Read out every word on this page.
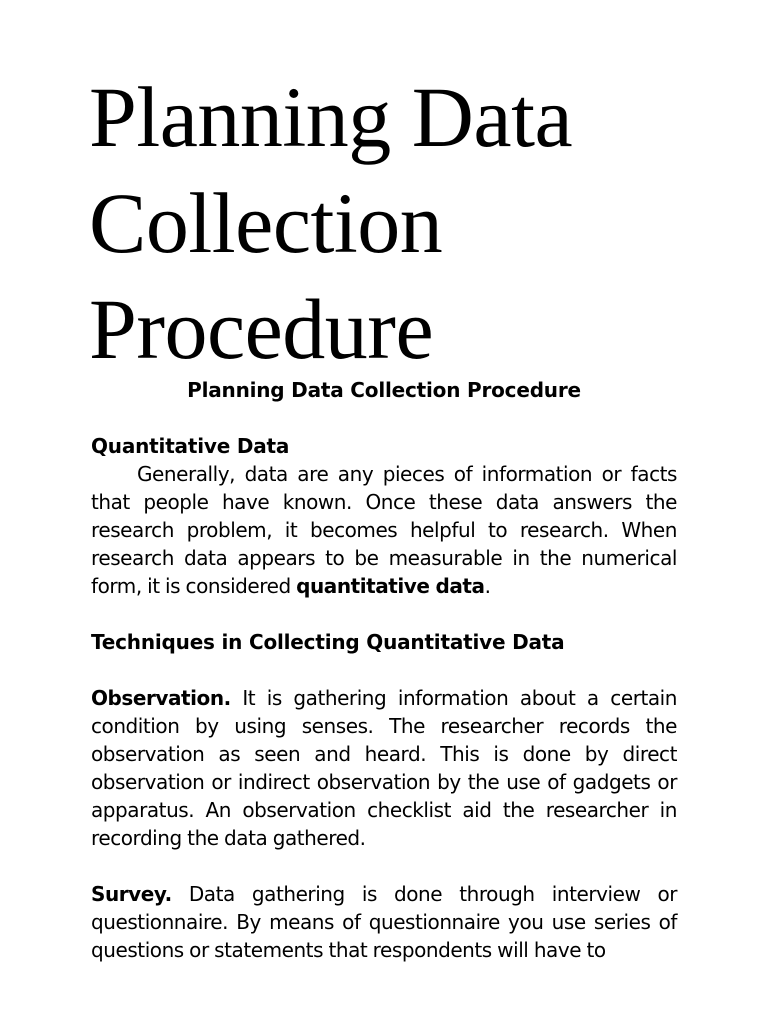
Planning Data
Collection
Procedure
Planning Data Collection Procedure
Quantitative Data

Generally, data are any pieces of information or facts that people have known. Once these data answers the research problem, it becomes helpful to research. When research data appears to be measurable in the numerical form, it is considered quantitative data.

Techniques in Collecting Quantitative Data

Observation. It is gathering information about a certain condition by using senses. The researcher records the observation as seen and heard. This is done by direct observation or indirect observation by the use of gadgets or apparatus. An observation checklist aid the researcher in recording the data gathered.

Survey. Data gathering is done through interview or questionnaire. By means of questionnaire you use series of questions or statements that respondents will have to
